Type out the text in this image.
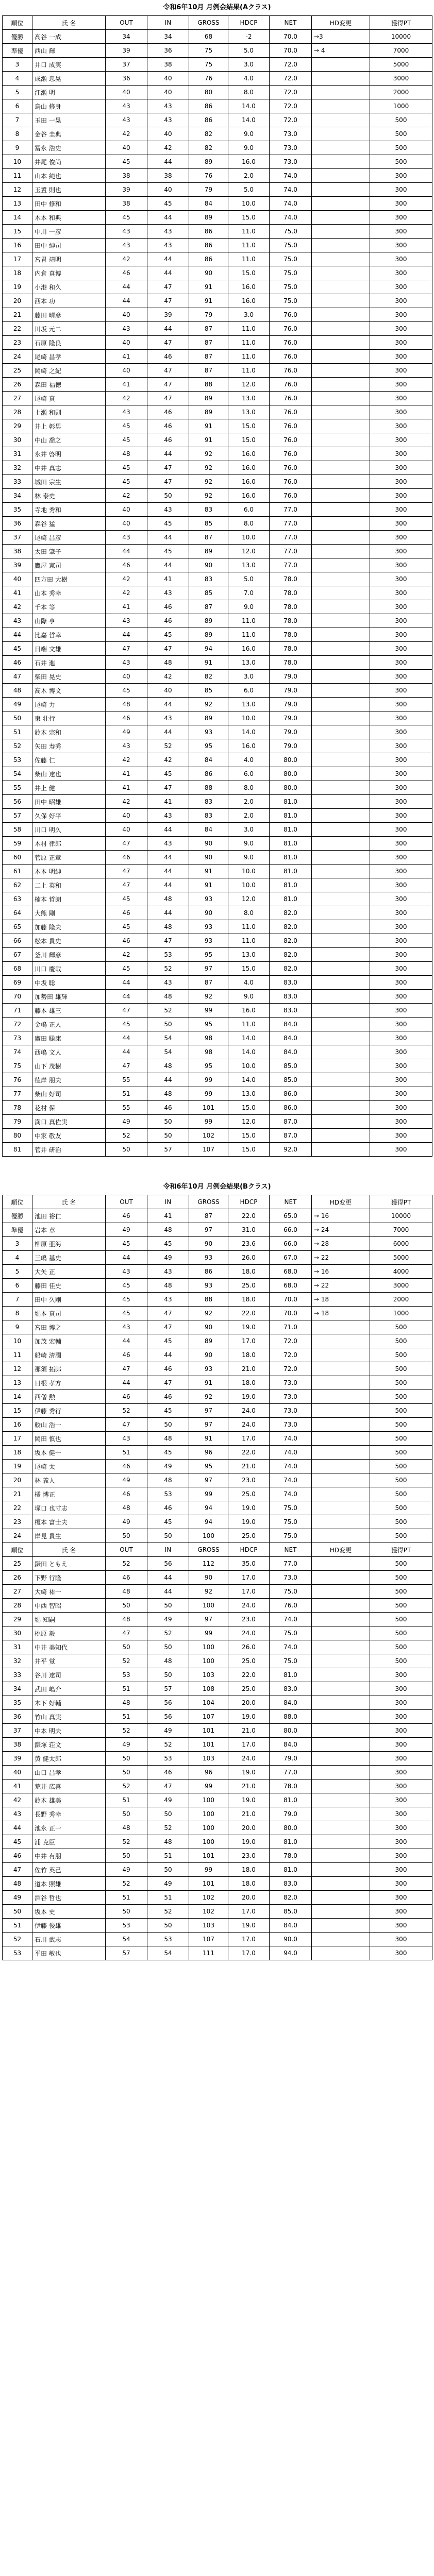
令和6年10月 月例会結果(Aクラス)
順位	氏 名	OUT	IN	GROSS	HDCP	NET	HD変更	獲得PT
優勝	高谷 一成	34	34	68	-2	70.0	→3	10000
準優	西山 輝	39	36	75	5.0	70.0	→ 4	7000
3	井口 成実	37	38	75	3.0	72.0		5000
4	成瀬 忠晃	36	40	76	4.0	72.0		3000
5	江瀬 明	40	40	80	8.0	72.0		2000
6	鳥山 修身	43	43	86	14.0	72.0		1000
7	玉田 一晃	43	43	86	14.0	72.0		500
8	金谷 圭典	42	40	82	9.0	73.0		500
9	冨永 浩史	40	42	82	9.0	73.0		500
10	井尾 俊尚	45	44	89	16.0	73.0		500
11	山本 純也	38	38	76	2.0	74.0		300
12	玉置 則也	39	40	79	5.0	74.0		300
13	田中 修和	38	45	84	10.0	74.0		300
14	木本 和典	45	44	89	15.0	74.0		300
15	中川 一彦	43	43	86	11.0	75.0		300
16	田中 紳司	43	43	86	11.0	75.0		300
17	宮胃 靖明	42	44	86	11.0	75.0		300
18	内倉 真博	46	44	90	15.0	75.0		300
19	小港 和久	44	47	91	16.0	75.0		300
20	西本 功	44	47	91	16.0	75.0		300
21	藤田 晴彦	40	39	79	3.0	76.0		300
22	川坂 元二	43	44	87	11.0	76.0		300
23	石原 隆良	40	47	87	11.0	76.0		300
24	尾崎 昌孝	41	46	87	11.0	76.0		300
25	岡崎 之紀	40	47	87	11.0	76.0		300
26	森田 福徳	41	47	88	12.0	76.0		300
27	尾崎 真	42	47	89	13.0	76.0		300
28	上瀬 和則	43	46	89	13.0	76.0		300
29	井上 彰男	45	46	91	15.0	76.0		300
30	中山 喬之	45	46	91	15.0	76.0		300
31	永井 啓明	48	44	92	16.0	76.0		300
32	中井 真志	45	47	92	16.0	76.0		300
33	城田 宗生	45	47	92	16.0	76.0		300
34	林 泰史	42	50	92	16.0	76.0		300
35	寺地 秀和	40	43	83	6.0	77.0		300
36	森谷 猛	40	45	85	8.0	77.0		300
37	尾崎 昌彦	43	44	87	10.0	77.0		300
38	太田 肇子	44	45	89	12.0	77.0		300
39	鷹屋 憲司	46	44	90	13.0	77.0		300
40	四方田 大樹	42	41	83	5.0	78.0		300
41	山本 秀幸	42	43	85	7.0	78.0		300
42	千本 等	41	46	87	9.0	78.0		300
43	山際 亨	43	46	89	11.0	78.0		300
44	比嘉 哲幸	44	45	89	11.0	78.0		300
45	日端 文雄	47	47	94	16.0	78.0		300
46	石井 進	43	48	91	13.0	78.0		300
47	柴田 晃史	40	42	82	3.0	79.0		300
48	高木 博文	45	40	85	6.0	79.0		300
49	尾崎 力	48	44	92	13.0	79.0		300
50	東 壮行	46	43	89	10.0	79.0		300
51	鈴木 宗和	49	44	93	14.0	79.0		300
52	矢田 寿秀	43	52	95	16.0	79.0		300
53	佐藤 仁	42	42	84	4.0	80.0		300
54	柴山 達也	41	45	86	6.0	80.0		300
55	井上 健	41	47	88	8.0	80.0		300
56	田中 昭雄	42	41	83	2.0	81.0		300
57	久保 好平	40	43	83	2.0	81.0		300
58	川口 明久	40	44	84	3.0	81.0		300
59	木村 律郎	47	43	90	9.0	81.0		300
60	菅原 正章	46	44	90	9.0	81.0		300
61	木本 明紳	47	44	91	10.0	81.0		300
62	二上 英和	47	44	91	10.0	81.0		300
63	楠本 哲朗	45	48	93	12.0	81.0		300
64	大熊 剛	46	44	90	8.0	82.0		300
65	加藤 隆夫	45	48	93	11.0	82.0		300
66	松本 貴史	46	47	93	11.0	82.0		300
67	釜川 輝彦	42	53	95	13.0	82.0		300
68	川口 慶哉	45	52	97	15.0	82.0		300
69	中坂 聡	44	43	87	4.0	83.0		300
70	加勢田 雄輝	44	48	92	9.0	83.0		300
71	藤本 雄三	47	52	99	16.0	83.0		300
72	金嶋 正人	45	50	95	11.0	84.0		300
73	廣田 聡康	44	54	98	14.0	84.0		300
74	西嶋 文人	44	54	98	14.0	84.0		300
75	山下 茂樹	47	48	95	10.0	85.0		300
76	徳岸 朋夫	55	44	99	14.0	85.0		300
77	柴山 好司	51	48	99	13.0	86.0		300
78	花村 保	55	46	101	15.0	86.0		300
79	満口 真佐実	49	50	99	12.0	87.0		300
80	中家 敬友	52	50	102	15.0	87.0		300
81	菅井 研治	50	57	107	15.0	92.0		300
令和6年10月 月例会結果(Bクラス)
順位	氏 名	OUT	IN	GROSS	HDCP	NET	HD変更	獲得PT
優勝	池田 裕仁	46	41	87	22.0	65.0	→ 16	10000
準優	岩本 章	49	48	97	31.0	66.0	→ 24	7000
3	柳原 亜海	45	45	90	23.6	66.0	→ 28	6000
4	三嶋 基史	44	49	93	26.0	67.0	→ 22	5000
5	大矢 正	43	43	86	18.0	68.0	→ 16	4000
6	藤田 佳史	45	48	93	25.0	68.0	→ 22	3000
7	田中 久剛	45	43	88	18.0	70.0	→ 18	2000
8	堀本 真司	45	47	92	22.0	70.0	→ 18	1000
9	宮田 博之	43	47	90	19.0	71.0		500
10	加茂 宏輔	44	45	89	17.0	72.0		500
11	船崎 清潤	46	44	90	18.0	72.0		500
12	那須 拓郎	47	46	93	21.0	72.0		500
13	日根 孝方	44	47	91	18.0	73.0		500
14	西僧 勲	46	46	92	19.0	73.0		500
15	伊藤 秀行	52	45	97	24.0	73.0		500
16	較山 浩一	47	50	97	24.0	73.0		500
17	岡田 慎也	43	48	91	17.0	74.0		500
18	坂本 健一	51	45	96	22.0	74.0		500
19	尾崎 太	46	49	95	21.0	74.0		500
20	林 義人	49	48	97	23.0	74.0		500
21	橘 博正	46	53	99	25.0	74.0		500
22	塚口 也寸志	48	46	94	19.0	75.0		500
23	榎本 富士夫	49	45	94	19.0	75.0		500
24	岸見 貴生	50	50	100	25.0	75.0		500
順位	氏 名	OUT	IN	GROSS	HDCP	NET	HD変更	獲得PT
25	鎌田 ともえ	52	56	112	35.0	77.0		500
26	下野 行隆	46	44	90	17.0	73.0		500
27	大崎 祐一	48	44	92	17.0	75.0		500
28	中西 智昭	50	50	100	24.0	76.0		500
29	堀 知嗣	48	49	97	23.0	74.0		500
30	桃原 毅	47	52	99	24.0	75.0		500
31	中井 美知代	50	50	100	26.0	74.0		500
32	井平 覚	52	48	100	25.0	75.0		500
33	谷川 達司	53	50	103	22.0	81.0		300
34	武田 嶋介	51	57	108	25.0	83.0		300
35	木下 好輔	48	56	104	20.0	84.0		300
36	竹山 真実	51	56	107	19.0	88.0		300
37	中本 明夫	52	49	101	21.0	80.0		300
38	鎌塚 荘文	49	52	101	17.0	84.0		300
39	黄 健太郎	50	53	103	24.0	79.0		300
40	山口 昌孝	50	46	96	19.0	77.0		300
41	荒井 広喜	52	47	99	21.0	78.0		300
42	鈴木 雄美	51	49	100	19.0	81.0		300
43	長野 秀幸	50	50	100	21.0	79.0		300
44	池永 正一	48	52	100	20.0	80.0		300
45	浦 克臣	52	48	100	19.0	81.0		300
46	中井 有朋	50	51	101	23.0	78.0		300
47	佐竹 英己	49	50	99	18.0	81.0		300
48	道本 照雄	52	49	101	18.0	83.0		300
49	酒谷 哲也	51	51	102	20.0	82.0		300
50	坂本 史	50	52	102	17.0	85.0		300
51	伊藤 俊雄	53	50	103	19.0	84.0		300
52	石川 武志	54	53	107	17.0	90.0		300
53	平田 敏也	57	54	111	17.0	94.0		300
